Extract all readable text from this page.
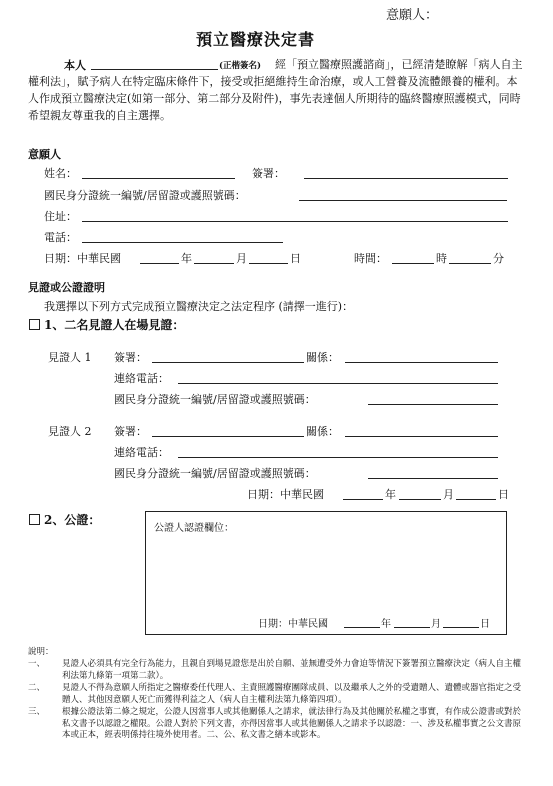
意願人：
預立醫療決定書
本人	(正楷簽名)	經「預立醫療照護諮商」，已經清楚瞭解「病人自主權利法」，賦予病人在特定臨床條件下，接受或拒絕維持生命治療，或人工營養及流體餵養的權利。本人作成預立醫療決定(如第一部分、第二部分及附件)，事先表達個人所期待的臨終醫療照護模式，同時希望親友尊重我的自主選擇。
意願人
姓名：	簽署：
國民身分證統一編號/居留證或護照號碼：
住址：
電話：
日期：中華民國	年	月	日	時間：	時	分
見證或公證證明
我選擇以下列方式完成預立醫療決定之法定程序 (請擇一進行)：
1、二名見證人在場見證：
見證人 1 簽署：	關係：
連絡電話：
國民身分證統一編號/居留證或護照號碼：
見證人 2 簽署：	關係：
連絡電話：
國民身分證統一編號/居留證或護照號碼：
日期：中華民國	年	月	日
2、公證：
公證人認證欄位：
日期：中華民國	年	月	日
說明：
一、	見證人必須具有完全行為能力，且親自到場見證您是出於自願、並無遭受外力會迫等情況下簽署預立醫療決定（病人自主權利法第九條第一項第二款）。
二、	見證人不得為意願人所指定之醫療委任代理人、主責照護醫療團隊成員、以及繼承人之外的受遺贈人、遺體或器官指定之受贈人、其他因意願人死亡而獲得利益之人（病人自主權利法第九條第四項）。
三、	根據公證法第二條之規定，公證人因當事人或其他關係人之請求，就法律行為及其他關於私權之事實，有作成公證書或對於私文書予以認證之權限。公證人對於下列文書，亦得因當事人或其他關係人之請求予以認證：一、涉及私權事實之公文書原本或正本，經表明係持往境外使用者。二、公、私文書之繕本或影本。
